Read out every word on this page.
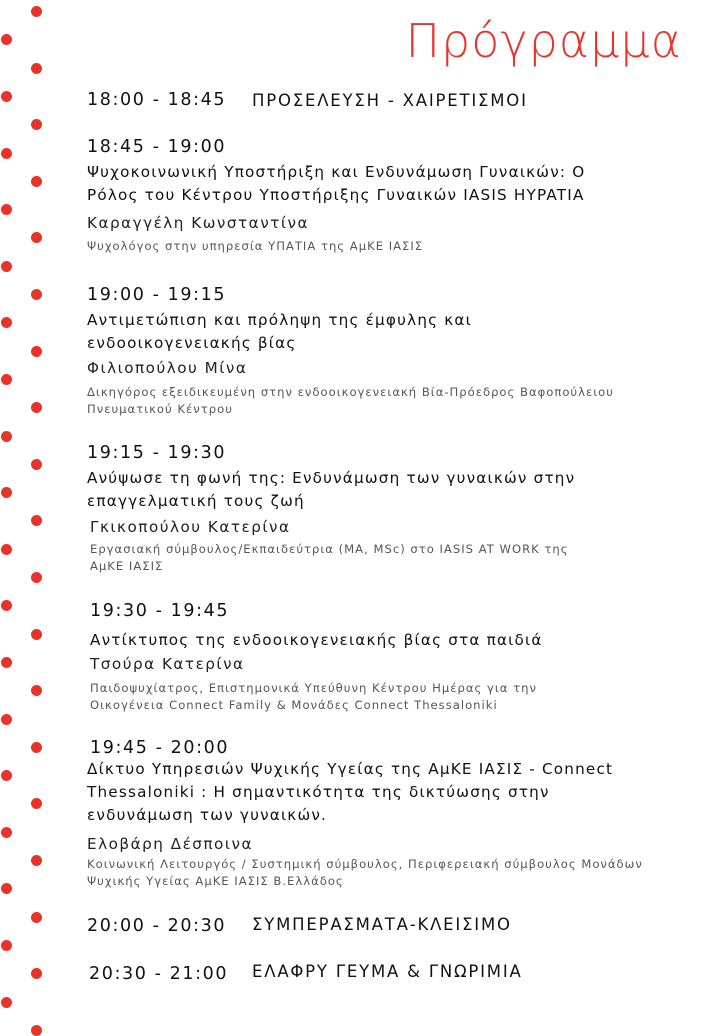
Πρόγραμμα
18:00 - 18:45 ΠΡΟΣΕΛΕΥΣΗ - ΧΑΙΡΕΤΙΣΜΟΙ
18:45 - 19:00
Ψυχοκοινωνική Υποστήριξη και Ενδυνάμωση Γυναικών: Ο
Ρόλος του Κέντρου Υποστήριξης Γυναικών IASIS HYPATIA
Καραγγέλη Κωνσταντίνα
Ψυχολόγος στην υπηρεσία ΥΠΑΤΙΑ της ΑμΚΕ ΙΑΣΙΣ
19:00 - 19:15
Αντιμετώπιση και πρόληψη της έμφυλης και
ενδοοικογενειακής βίας
Φιλιοπούλου Μίνα
Δικηγόρος εξειδικευμένη στην ενδοοικογενειακή Βία-Πρόεδρος Βαφοπούλειου
Πνευματικού Κέντρου
19:15 - 19:30
Ανύψωσε τη φωνή της: Ενδυνάμωση των γυναικών στην
επαγγελματική τους ζωή
Γκικοπούλου Κατερίνα
Εργασιακή σύμβουλος/Εκπαιδεύτρια (ΜΑ, MSc) στο IASIS AT WORK της
ΑμΚΕ ΙΑΣΙΣ
19:30 - 19:45
Αντίκτυπος της ενδοοικογενειακής βίας στα παιδιά
Τσούρα Κατερίνα
Παιδοψυχίατρος, Επιστημονικά Υπεύθυνη Κέντρου Ημέρας για την
Οικογένεια Connect Family & Μονάδες Connect Thessaloniki
19:45 - 20:00
Δίκτυο Υπηρεσιών Ψυχικής Υγείας της ΑμΚΕ ΙΑΣΙΣ - Connect
Thessaloniki : Η σημαντικότητα της δικτύωσης στην
ενδυνάμωση των γυναικών.
Ελοβάρη Δέσποινα
Κοινωνική Λειτουργός / Συστημική σύμβουλος, Περιφερειακή σύμβουλος Μονάδων
Ψυχικής Υγείας ΑμΚΕ ΙΑΣΙΣ Β.Ελλάδος
20:00 - 20:30 ΣΥΜΠΕΡΑΣΜΑΤΑ-ΚΛΕΙΣΙΜΟ
20:30 - 21:00 ΕΛΑΦΡΥ ΓΕΥΜΑ & ΓΝΩΡΙΜΙΑ
